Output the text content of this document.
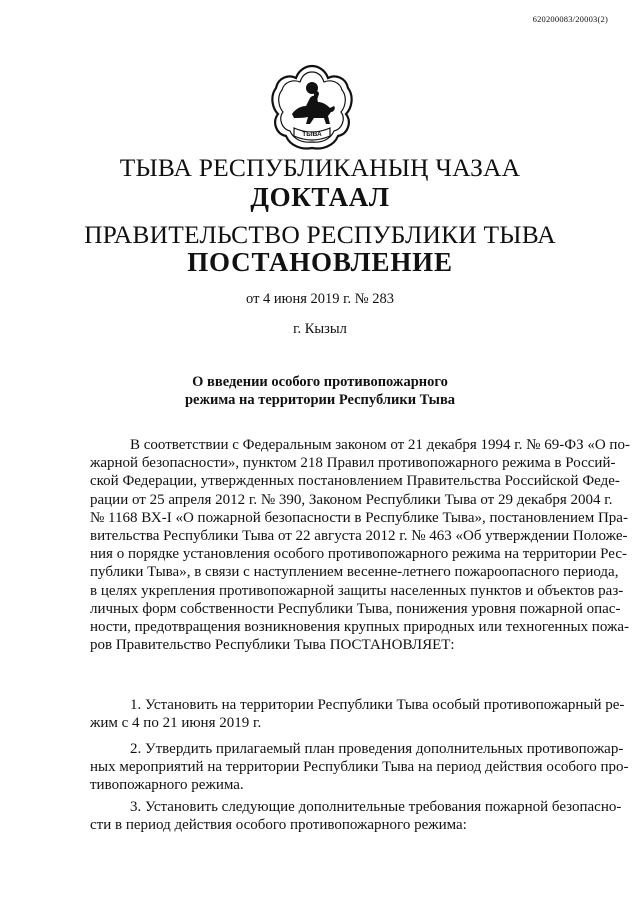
620200083/20003(2)
ТЫВА
ТЫВА РЕСПУБЛИКАНЫҢ ЧАЗАА
ДОКТААЛ
ПРАВИТЕЛЬСТВО РЕСПУБЛИКИ ТЫВА
ПОСТАНОВЛЕНИЕ
от 4 июня 2019 г. № 283
г. Кызыл
О введении особого противопожарного
режима на территории Республики Тыва
В соответствии с Федеральным законом от 21 декабря 1994 г. № 69-ФЗ «О по-
жарной безопасности», пунктом 218 Правил противопожарного режима в Россий-
ской Федерации, утвержденных постановлением Правительства Российской Феде-
рации от 25 апреля 2012 г. № 390, Законом Республики Тыва от 29 декабря 2004 г.
№ 1168 ВХ-I «О пожарной безопасности в Республике Тыва», постановлением Пра-
вительства Республики Тыва от 22 августа 2012 г. № 463 «Об утверждении Положе-
ния о порядке установления особого противопожарного режима на территории Рес-
публики Тыва», в связи с наступлением весенне-летнего пожароопасного периода,
в целях укрепления противопожарной защиты населенных пунктов и объектов раз-
личных форм собственности Республики Тыва, понижения уровня пожарной опас-
ности, предотвращения возникновения крупных природных или техногенных пожа-
ров Правительство Республики Тыва ПОСТАНОВЛЯЕТ:
1. Установить на территории Республики Тыва особый противопожарный ре-
жим с 4 по 21 июня 2019 г.
2. Утвердить прилагаемый план проведения дополнительных противопожар-
ных мероприятий на территории Республики Тыва на период действия особого про-
тивопожарного режима.
3. Установить следующие дополнительные требования пожарной безопасно-
сти в период действия особого противопожарного режима:
